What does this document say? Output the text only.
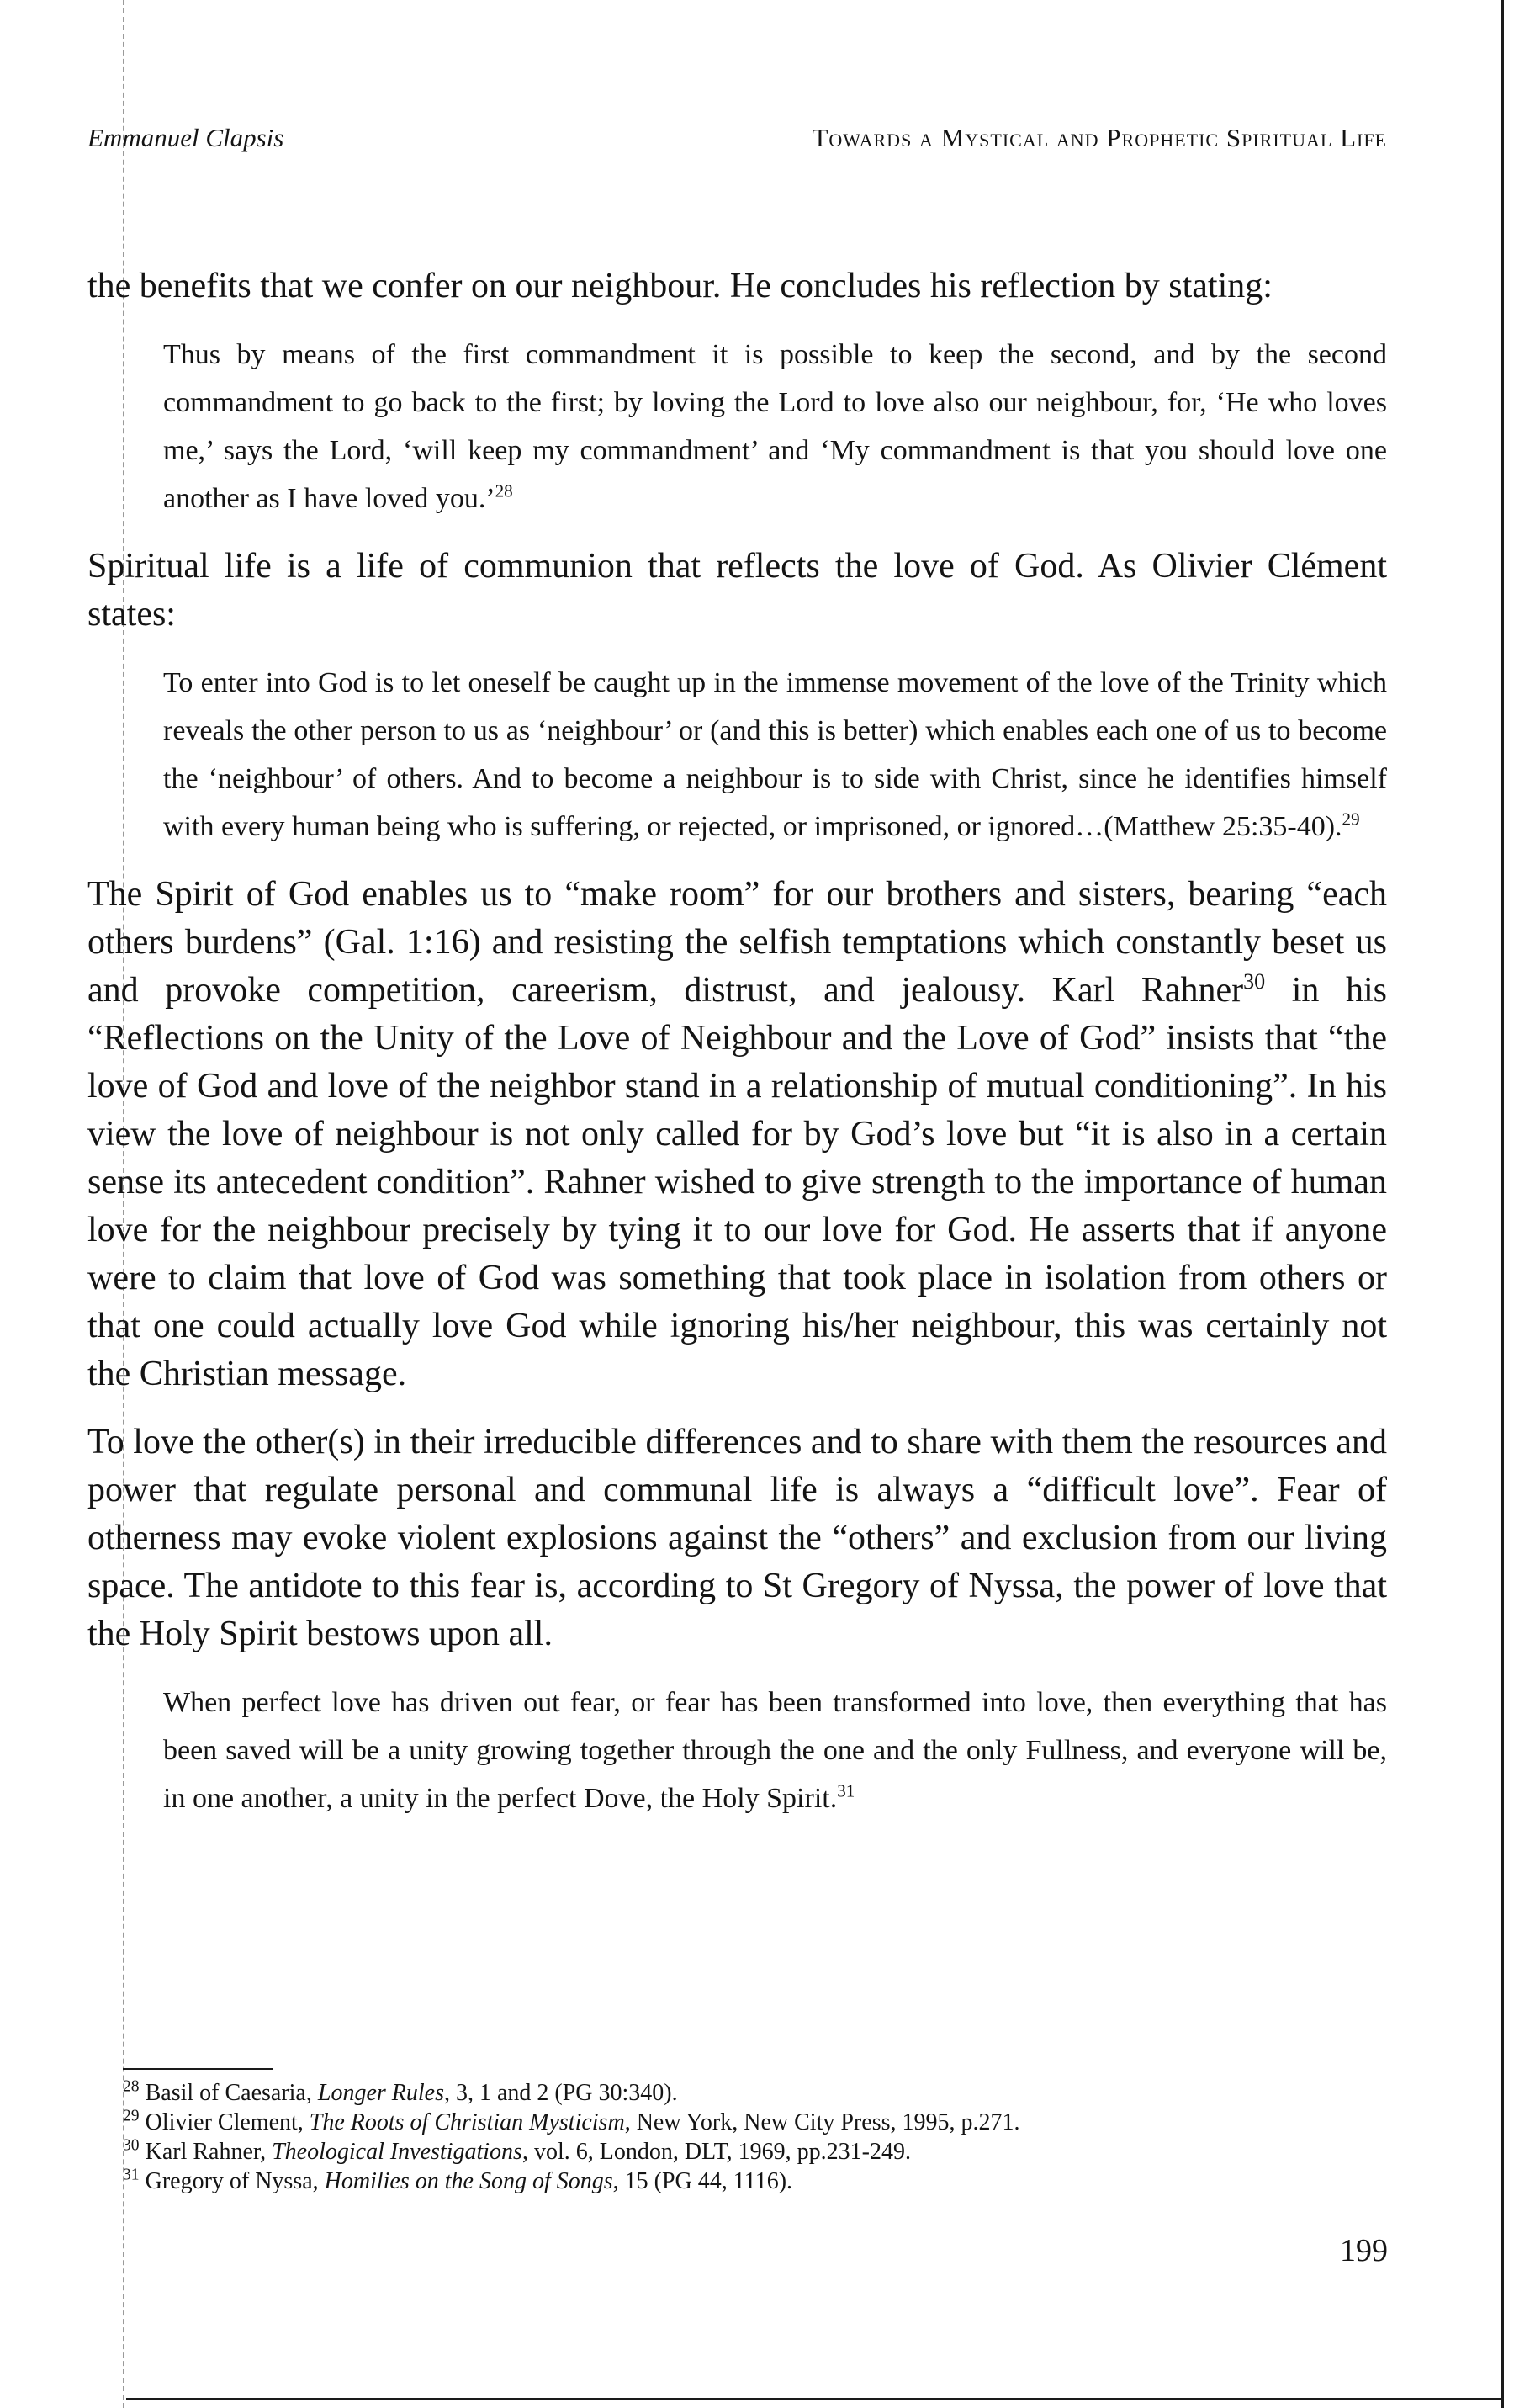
Emmanuel Clapsis	Towards a Mystical and Prophetic Spiritual Life

the benefits that we confer on our neighbour. He concludes his reflection by stating:

Thus by means of the first commandment it is possible to keep the second, and by the second commandment to go back to the first; by loving the Lord to love also our neighbour, for, ‘He who loves me,’ says the Lord, ‘will keep my commandment’ and ‘My commandment is that you should love one another as I have loved you.’$^{28}$

Spiritual life is a life of communion that reflects the love of God. As Olivier Clément states:

To enter into God is to let oneself be caught up in the immense movement of the love of the Trinity which reveals the other person to us as ‘neighbour’ or (and this is better) which enables each one of us to become the ‘neighbour’ of others. And to become a neighbour is to side with Christ, since he identifies himself with every human being who is suffering, or rejected, or imprisoned, or ignored…(Matthew 25:35-40).$^{29}$

The Spirit of God enables us to “make room” for our brothers and sisters, bearing “each others burdens” (Gal. 1:16) and resisting the selfish temptations which constantly beset us and provoke competition, careerism, distrust, and jealousy. Karl Rahner$^{30}$ in his “Reflections on the Unity of the Love of Neighbour and the Love of God” insists that “the love of God and love of the neighbor stand in a relationship of mutual conditioning”. In his view the love of neighbour is not only called for by God’s love but “it is also in a certain sense its antecedent condition”. Rahner wished to give strength to the importance of human love for the neighbour precisely by tying it to our love for God. He asserts that if anyone were to claim that love of God was something that took place in isolation from others or that one could actually love God while ignoring his/her neighbour, this was certainly not the Christian message.

To love the other(s) in their irreducible differences and to share with them the resources and power that regulate personal and communal life is always a “difficult love”. Fear of otherness may evoke violent explosions against the “others” and exclusion from our living space. The antidote to this fear is, according to St Gregory of Nyssa, the power of love that the Holy Spirit bestows upon all.

When perfect love has driven out fear, or fear has been transformed into love, then everything that has been saved will be a unity growing together through the one and the only Fullness, and everyone will be, in one another, a unity in the perfect Dove, the Holy Spirit.$^{31}$

$^{28}$ Basil of Caesaria, Longer Rules, 3, 1 and 2 (PG 30:340).

$^{29}$ Olivier Clement, The Roots of Christian Mysticism, New York, New City Press, 1995, p.271.

$^{30}$ Karl Rahner, Theological Investigations, vol. 6, London, DLT, 1969, pp.231-249.

$^{31}$ Gregory of Nyssa, Homilies on the Song of Songs, 15 (PG 44, 1116).

199
